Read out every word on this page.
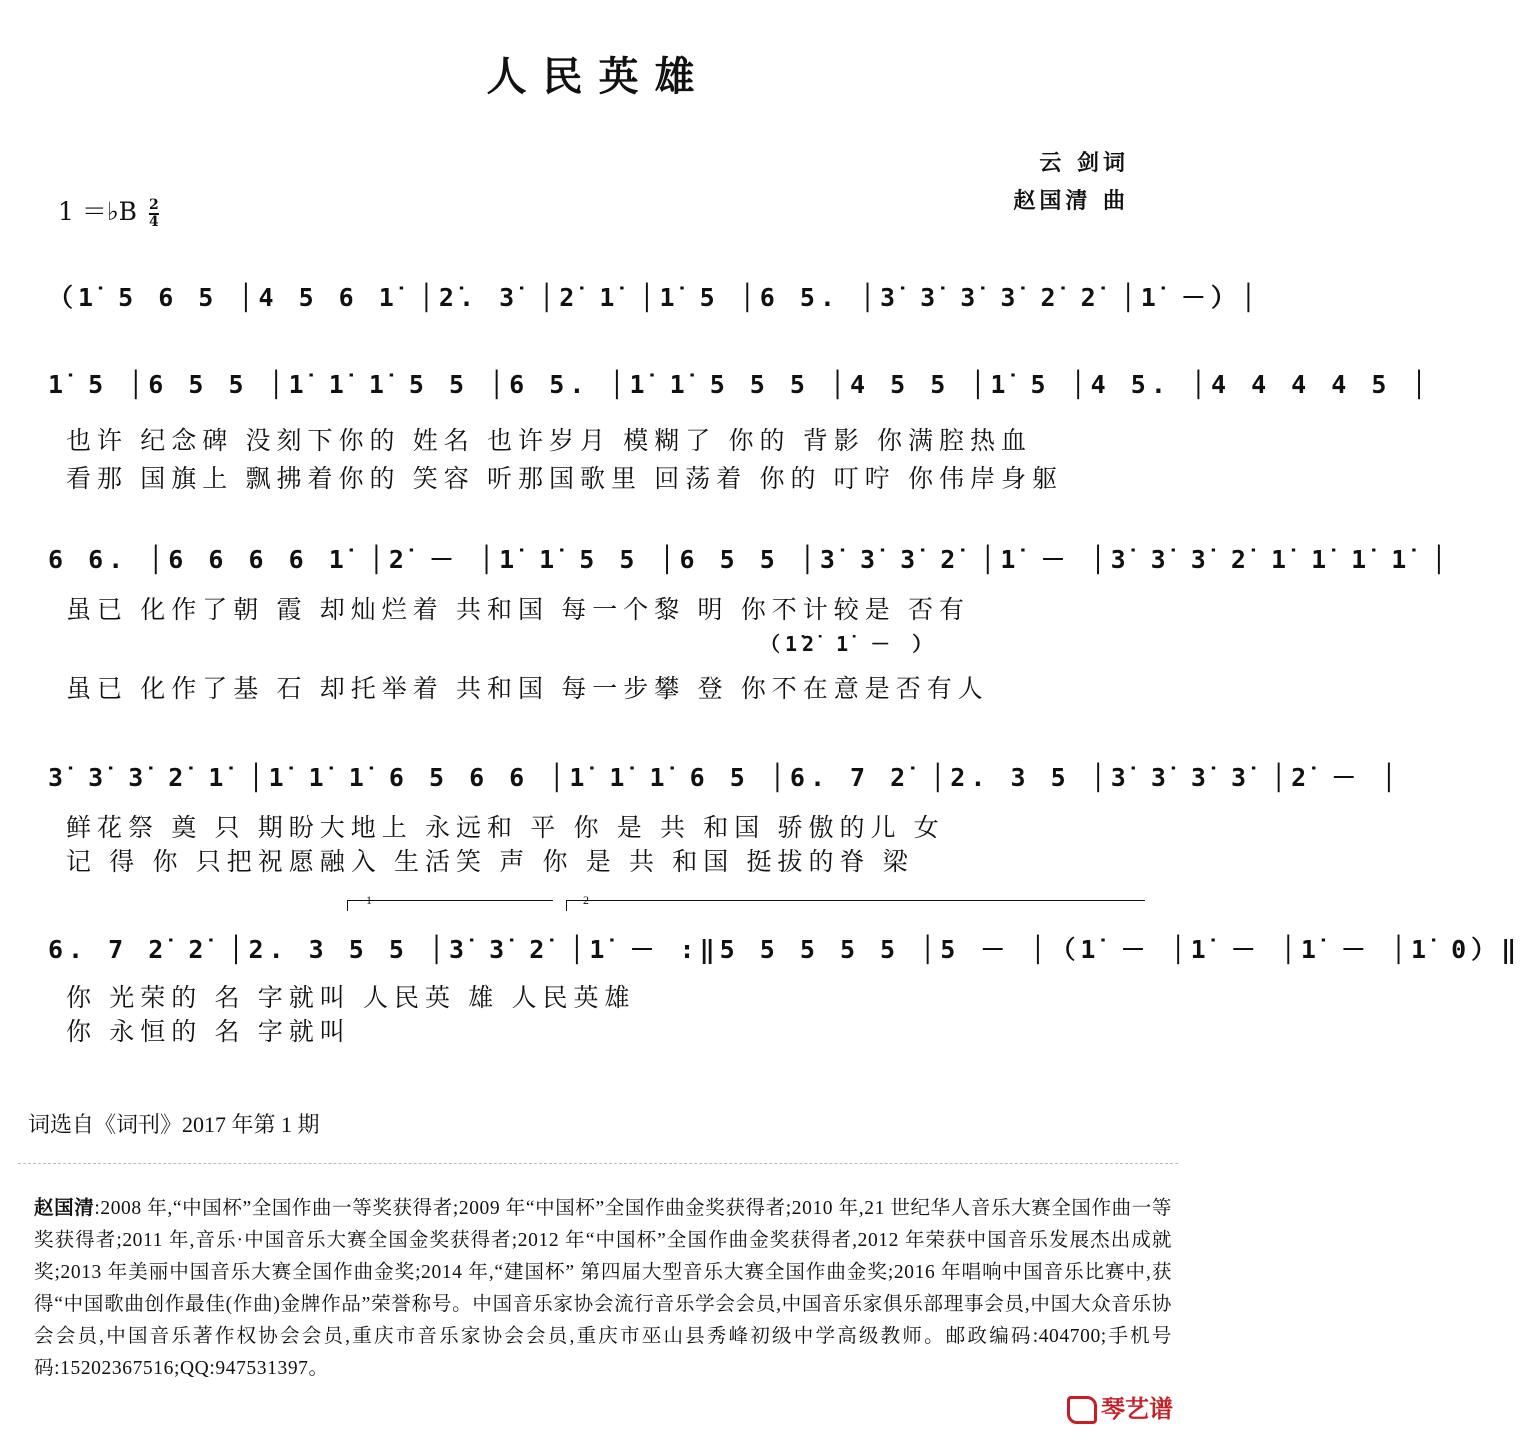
人民英雄
云 剑词
赵国清 曲
1 ＝♭B $\frac{2}{4}$
（1̇ 5 6 5 │4 5 6 1̇ │2̇. 3̇ │2̇ 1̇ │1̇ 5 │6 5. │3̇ 3̇ 3̇ 3̇ 2̇ 2̇ │1̇ －）│
1̇ 5 │6 5 5 │1̇ 1̇ 1̇ 5 5 │6 5. │1̇ 1̇ 5 5 5 │4 5 5 │1̇ 5 │4 5. │4 4 4 4 5 │
也许 纪念碑 没刻下你的 姓名 也许岁月 模糊了 你的 背影 你满腔热血
看那 国旗上 飘拂着你的 笑容 听那国歌里 回荡着 你的 叮咛 你伟岸身躯
6 6. │6 6 6 6 1̇ │2̇ － │1̇ 1̇ 5 5 │6 5 5 │3̇ 3̇ 3̇ 2̇ │1̇ － │3̇ 3̇ 3̇ 2̇ 1̇ 1̇ 1̇ 1̇ │
虽已 化作了朝 霞 却灿烂着 共和国 每一个黎 明 你不计较是 否有
（1̇2̇ 1̇ － ）
虽已 化作了基 石 却托举着 共和国 每一步攀 登 你不在意是否有人
3̇ 3̇ 3̇ 2̇ 1̇ │1̇ 1̇ 1̇ 6 5 6 6 │1̇ 1̇ 1̇ 6 5 │6. 7 2̇ │2. 3 5 │3̇ 3̇ 3̇ 3̇ │2̇ － │
鲜花祭 奠 只 期盼大地上 永远和 平 你 是 共 和国 骄傲的儿 女
记 得 你 只把祝愿融入 生活笑 声 你 是 共 和国 挺拔的脊 梁
1	2
6. 7 2̇ 2̇ │2. 3 5 5 │3̇ 3̇ 2̇ │1̇ － :‖5 5 5 5 5 │5 － │（1̇ － │1̇ － │1̇ － │1̇ 0）‖
你 光荣的 名 字就叫 人民英 雄 人民英雄
你 永恒的 名 字就叫
词选自《词刊》2017 年第 1 期
赵国清:2008 年,“中国杯”全国作曲一等奖获得者;2009 年“中国杯”全国作曲金奖获得者;2010 年,21 世纪华人音乐大赛全国作曲一等奖获得者;2011 年,音乐·中国音乐大赛全国金奖获得者;2012 年“中国杯”全国作曲金奖获得者,2012 年荣获中国音乐发展杰出成就奖;2013 年美丽中国音乐大赛全国作曲金奖;2014 年,“建国杯” 第四届大型音乐大赛全国作曲金奖;2016 年唱响中国音乐比赛中,获得“中国歌曲创作最佳(作曲)金牌作品”荣誉称号。中国音乐家协会流行音乐学会会员,中国音乐家俱乐部理事会员,中国大众音乐协会会员,中国音乐著作权协会会员,重庆市音乐家协会会员,重庆市巫山县秀峰初级中学高级教师。邮政编码:404700;手机号码:15202367516;QQ:947531397。
琴艺谱
